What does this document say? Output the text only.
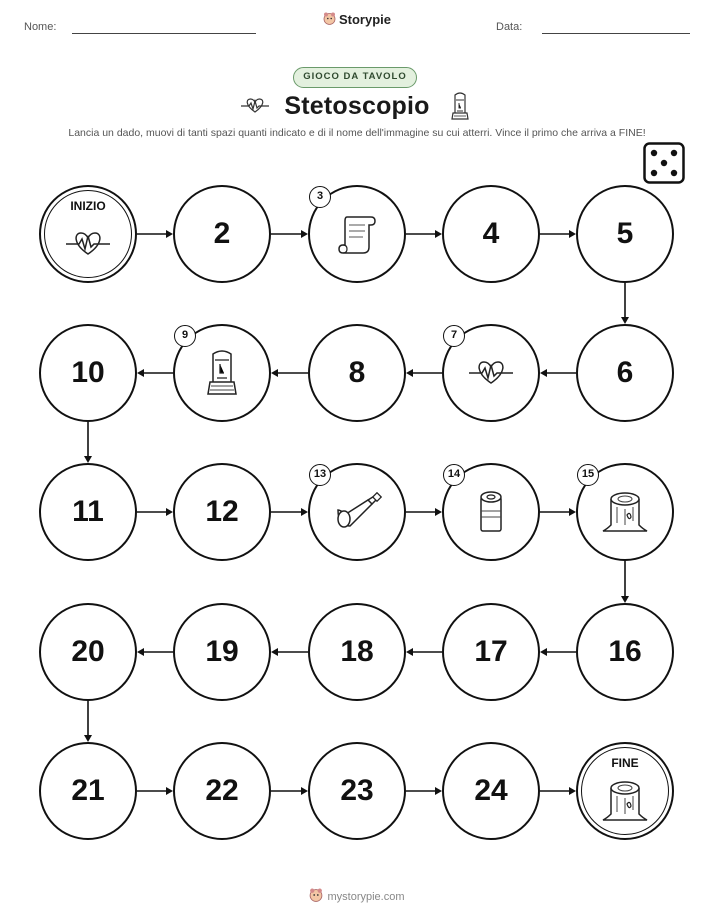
Nome:	Storypie	Data:
GIOCO DA TAVOLO
Stetoscopio
Lancia un dado, muovi di tanti spazi quanti indicato e di il nome dell'immagine su cui atterri. Vince il primo che arriva a FINE!
INIZIO
2
3
4	5
6
7
8
9
10
11	12
13	14	15
16
17
18
19
20
21	22	23	24
FINE
mystorypie.com
